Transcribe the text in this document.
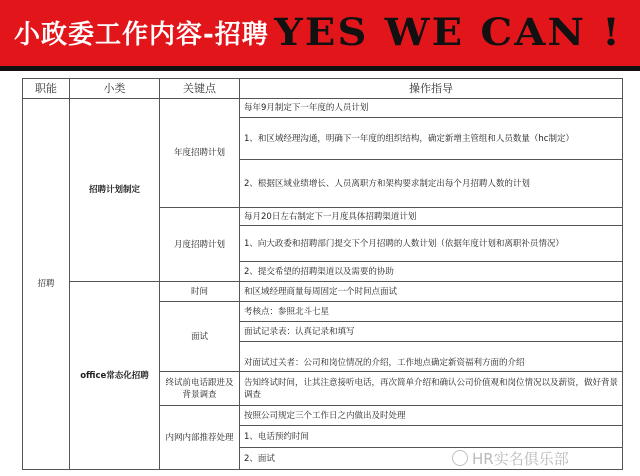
小政委工作内容-招聘 YES WE CAN !
职能	小类	关键点	操作指导
招聘	招聘计划制定	年度招聘计划	每年9月制定下一年度的人员计划
			1、和区域经理沟通，明确下一年度的组织结构，确定新增主管组和人员数量（hc制定）
			2、根据区域业绩增长、人员离职方和架构要求制定出每个月招聘人数的计划
		月度招聘计划	每月20日左右制定下一月度具体招聘渠道计划
			1、向大政委和招聘部门提交下个月招聘的人数计划（依据年度计划和离职补员情况）
			2、提交希望的招聘渠道以及需要的协助
	office常态化招聘	时间	和区域经理商量每周固定一个时间点面试
		面试	考核点：参照北斗七星
			面试记录表：认真记录和填写
			对面试过关者：公司和岗位情况的介绍，工作地点确定新资福利方面的介绍
		终试前电话跟进及背景调查	告知终试时间，让其注意接听电话，再次简单介绍和确认公司价值观和岗位情况以及薪资，做好背景调查
		内网内部推荐处理	按照公司规定三个工作日之内做出及时处理
			1、电话预约时间
			2、面试	HR实名俱乐部
